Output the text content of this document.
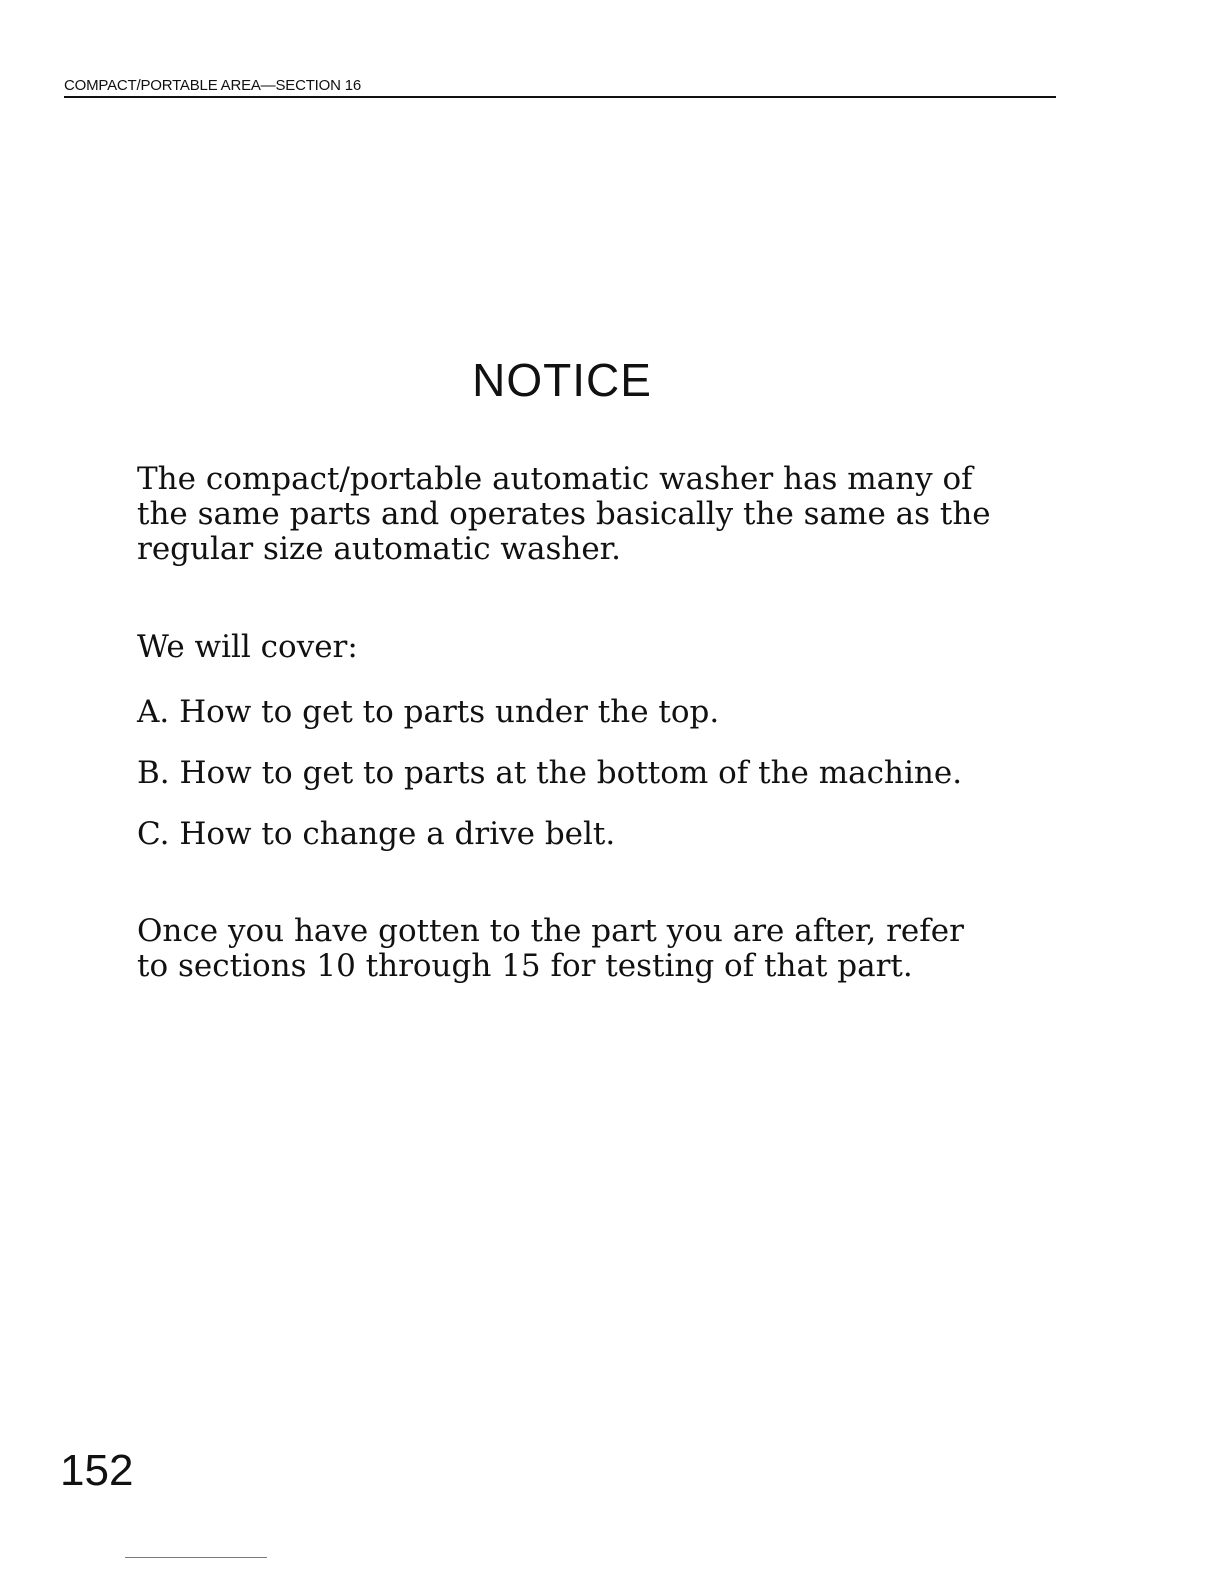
COMPACT/PORTABLE AREA—SECTION 16
NOTICE

The compact/portable automatic washer has many of the same parts and operates basically the same as the regular size automatic washer.

We will cover:

A. How to get to parts under the top.
B. How to get to parts at the bottom of the machine.
C. How to change a drive belt.

Once you have gotten to the part you are after, refer to sections 10 through 15 for testing of that part.

152
